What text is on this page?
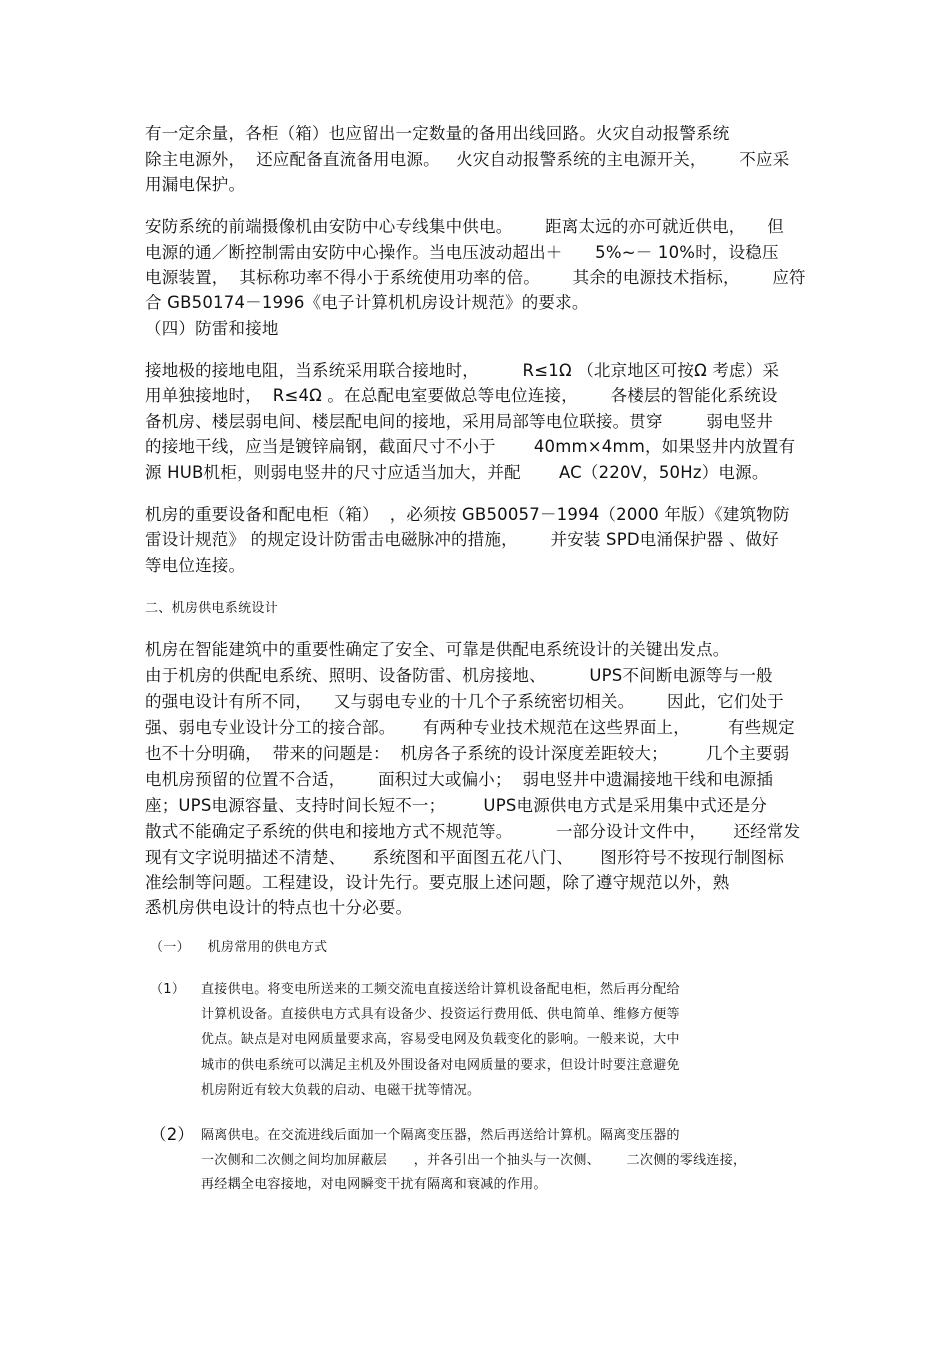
有一定余量，各柜（箱）也应留出一定数量的备用出线回路。火灾自动报警系统
除主电源外，  还应配备直流备用电源。   火灾自动报警系统的主电源开关，      不应采
用漏电保护。
安防系统的前端摄像机由安防中心专线集中供电。      距离太远的亦可就近供电，    但
电源的通／断控制需由安防中心操作。当电压波动超出＋      5%~－ 10%时，设稳压
电源装置，  其标称功率不得小于系统使用功率的倍。      其余的电源技术指标，      应符
合 GB50174－1996《电子计算机机房设计规范》的要求。
（四）防雷和接地
接地极的接地电阻，当系统采用联合接地时，        R≤1Ω （北京地区可按Ω 考虑）采
用单独接地时，  R≤4Ω 。在总配电室要做总等电位连接，      各楼层的智能化系统设
备机房、楼层弱电间、楼层配电间的接地，采用局部等电位联接。贯穿        弱电竖井
的接地干线，应当是镀锌扁钢，截面尺寸不小于       40mm×4mm，如果竖井内放置有
源 HUB机柜，则弱电竖井的尺寸应适当加大，并配       AC（220V，50Hz）电源。
机房的重要设备和配电柜（箱）  ，必须按 GB50057－1994（2000 年版）《建筑物防
雷设计规范》 的规定设计防雷击电磁脉冲的措施，      并安装 SPD电涌保护器 、做好
等电位连接。
二、机房供电系统设计
机房在智能建筑中的重要性确定了安全、可靠是供配电系统设计的关键出发点。
由于机房的供配电系统、照明、设备防雷、机房接地、        UPS不间断电源等与一般
的强电设计有所不同，    又与弱电专业的十几个子系统密切相关。      因此，它们处于
强、弱电专业设计分工的接合部。     有两种专业技术规范在这些界面上，       有些规定
也不十分明确，  带来的问题是：  机房各子系统的设计深度差距较大；       几个主要弱
电机房预留的位置不合适，      面积过大或偏小；  弱电竖井中遗漏接地干线和电源插
座；UPS电源容量、支持时间长短不一；       UPS电源供电方式是采用集中式还是分
散式不能确定子系统的供电和接地方式不规范等。        一部分设计文件中，     还经常发
现有文字说明描述不清楚、     系统图和平面图五花八门、     图形符号不按现行制图标
准绘制等问题。工程建设，设计先行。要克服上述问题，除了遵守规范以外，熟
悉机房供电设计的特点也十分必要。
（一）    机房常用的供电方式
（1） 直接供电。将变电所送来的工频交流电直接送给计算机设备配电柜，然后再分配给
计算机设备。直接供电方式具有设备少、投资运行费用低、供电简单、维修方便等
优点。缺点是对电网质量要求高，容易受电网及负载变化的影响。一般来说，大中
城市的供电系统可以满足主机及外围设备对电网质量的要求，但设计时要注意避免
机房附近有较大负载的启动、电磁干扰等情况。
（2） 隔离供电。在交流进线后面加一个隔离变压器，然后再送给计算机。隔离变压器的
一次侧和二次侧之间均加屏蔽层      ，并各引出一个抽头与一次侧、      二次侧的零线连接，
再经耦全电容接地，对电网瞬变干扰有隔离和衰减的作用。
